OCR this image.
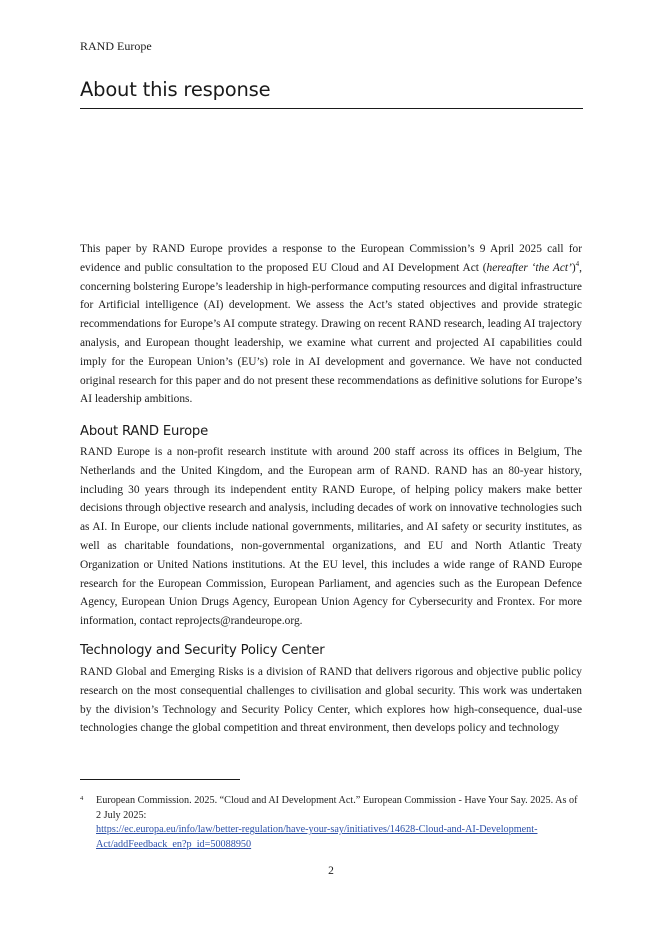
RAND Europe
About this response

This paper by RAND Europe provides a response to the European Commission’s 9 April 2025 call for evidence and public consultation to the proposed EU Cloud and AI Development Act (hereafter ‘the Act’)$^4$, concerning bolstering Europe’s leadership in high-performance computing resources and digital infrastructure for Artificial intelligence (AI) development. We assess the Act’s stated objectives and provide strategic recommendations for Europe’s AI compute strategy. Drawing on recent RAND research, leading AI trajectory analysis, and European thought leadership, we examine what current and projected AI capabilities could imply for the European Union’s (EU’s) role in AI development and governance. We have not conducted original research for this paper and do not present these recommendations as definitive solutions for Europe’s AI leadership ambitions.

About RAND Europe

RAND Europe is a non-profit research institute with around 200 staff across its offices in Belgium, The Netherlands and the United Kingdom, and the European arm of RAND. RAND has an 80-year history, including 30 years through its independent entity RAND Europe, of helping policy makers make better decisions through objective research and analysis, including decades of work on innovative technologies such as AI. In Europe, our clients include national governments, militaries, and AI safety or security institutes, as well as charitable foundations, non-governmental organizations, and EU and North Atlantic Treaty Organization or United Nations institutions. At the EU level, this includes a wide range of RAND Europe research for the European Commission, European Parliament, and agencies such as the European Defence Agency, European Union Drugs Agency, European Union Agency for Cybersecurity and Frontex. For more information, contact reprojects@randeurope.org.

Technology and Security Policy Center

RAND Global and Emerging Risks is a division of RAND that delivers rigorous and objective public policy research on the most consequential challenges to civilisation and global security. This work was undertaken by the division’s Technology and Security Policy Center, which explores how high-consequence, dual-use technologies change the global competition and threat environment, then develops policy and technology

4 European Commission. 2025. “Cloud and AI Development Act.” European Commission - Have Your Say. 2025. As of 2 July 2025:
https://ec.europa.eu/info/law/better-regulation/have-your-say/initiatives/14628-Cloud-and-AI-Development-Act/addFeedback_en?p_id=50088950
2
